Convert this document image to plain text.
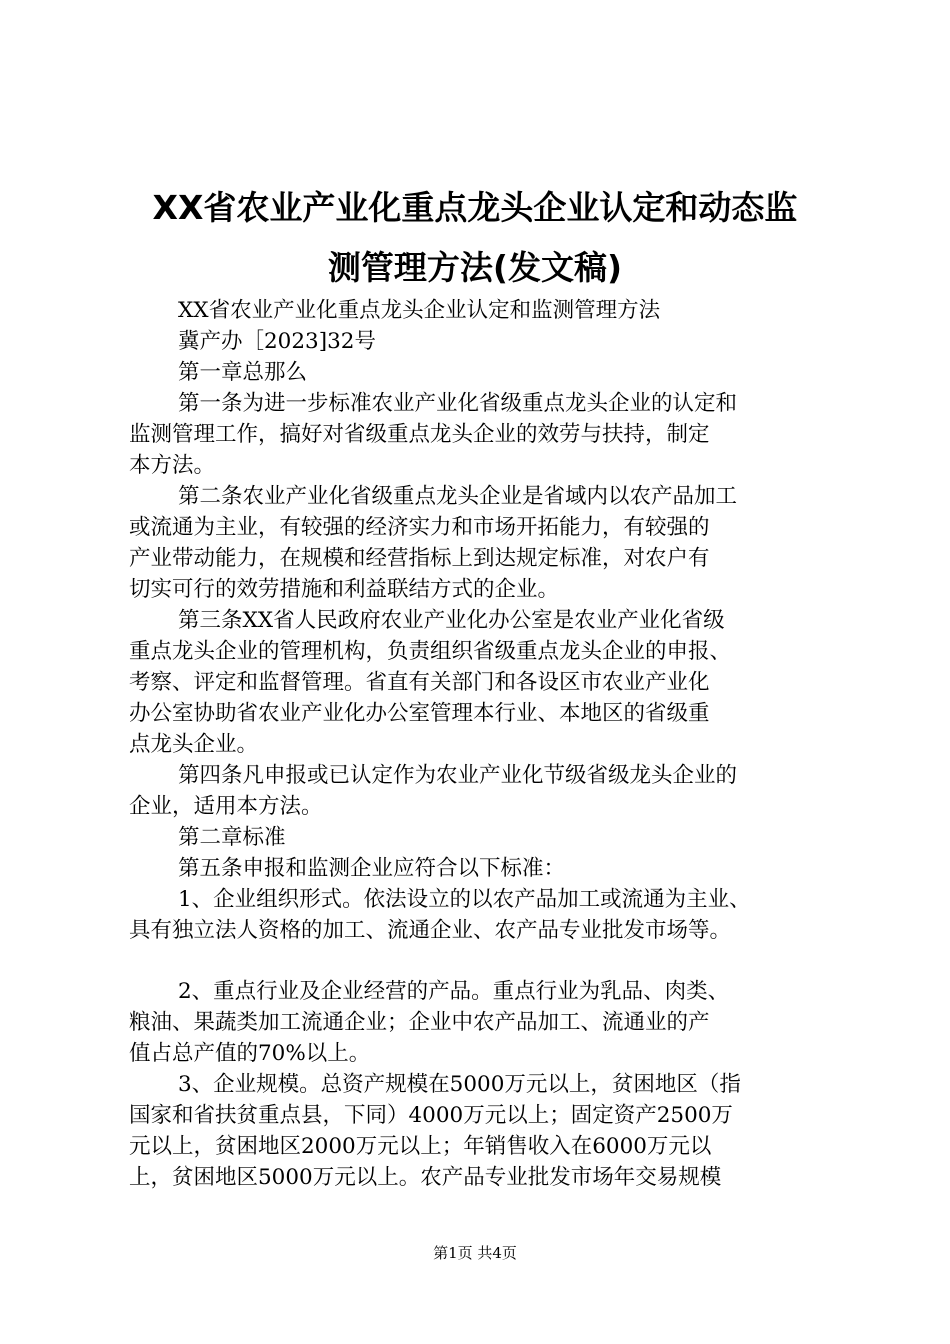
XX省农业产业化重点龙头企业认定和动态监
测管理方法(发文稿)
XX省农业产业化重点龙头企业认定和监测管理方法
冀产办［2023]32号
第一章总那么
第一条为进一步标准农业产业化省级重点龙头企业的认定和
监测管理工作，搞好对省级重点龙头企业的效劳与扶持，制定
本方法。
第二条农业产业化省级重点龙头企业是省域内以农产品加工
或流通为主业，有较强的经济实力和市场开拓能力，有较强的
产业带动能力，在规模和经营指标上到达规定标准，对农户有
切实可行的效劳措施和利益联结方式的企业。
第三条XX省人民政府农业产业化办公室是农业产业化省级
重点龙头企业的管理机构，负责组织省级重点龙头企业的申报、
考察、评定和监督管理。省直有关部门和各设区市农业产业化
办公室协助省农业产业化办公室管理本行业、本地区的省级重
点龙头企业。
第四条凡申报或已认定作为农业产业化节级省级龙头企业的
企业，适用本方法。
第二章标准
第五条申报和监测企业应符合以下标准：
1、企业组织形式。依法设立的以农产品加工或流通为主业、
具有独立法人资格的加工、流通企业、农产品专业批发市场等。
2、重点行业及企业经营的产品。重点行业为乳品、肉类、
粮油、果蔬类加工流通企业；企业中农产品加工、流通业的产
值占总产值的70%以上。
3、企业规模。总资产规模在5000万元以上，贫困地区（指
国家和省扶贫重点县，下同）4000万元以上；固定资产2500万
元以上，贫困地区2000万元以上；年销售收入在6000万元以
上，贫困地区5000万元以上。农产品专业批发市场年交易规模
第1页 共4页
